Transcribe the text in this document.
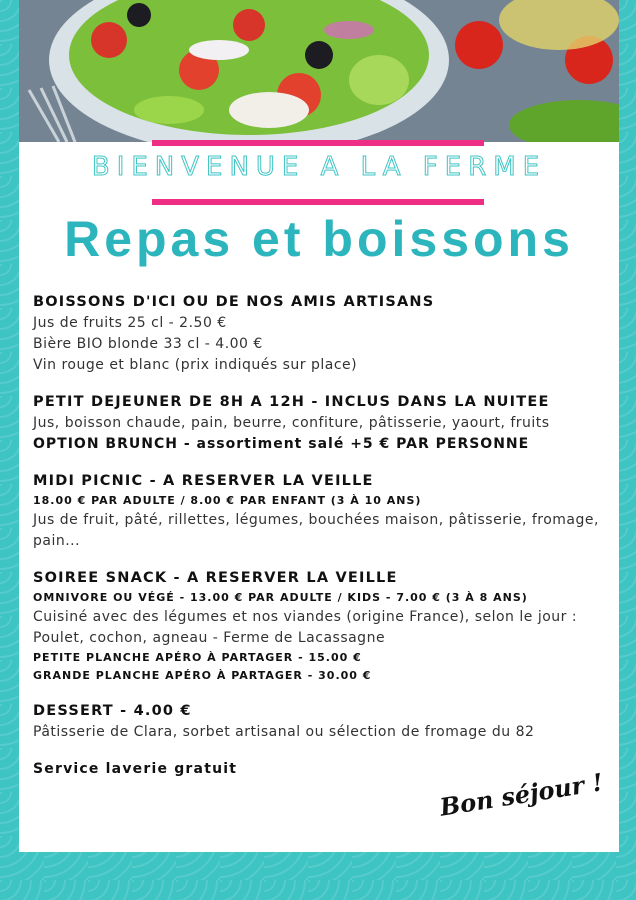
BIENVENUE A LA FERME
Repas et boissons
BOISSONS D'ICI OU DE NOS AMIS ARTISANS
Jus de fruits 25 cl - 2.50 €
Bière BIO blonde 33 cl - 4.00 €
Vin rouge et blanc (prix indiqués sur place)
PETIT DEJEUNER DE 8H A 12H - INCLUS DANS LA NUITEE
Jus, boisson chaude, pain, beurre, confiture, pâtisserie, yaourt, fruits
OPTION BRUNCH - assortiment salé +5 € PAR PERSONNE
MIDI PICNIC - A RESERVER LA VEILLE
18.00 € PAR ADULTE / 8.00 € PAR ENFANT (3 À 10 ANS)
Jus de fruit, pâté, rillettes, légumes, bouchées maison, pâtisserie, fromage, pain...
SOIREE SNACK - A RESERVER LA VEILLE
OMNIVORE OU VÉGÉ - 13.00 € PAR ADULTE / KIDS - 7.00 € (3 À 8 ANS)
Cuisiné avec des légumes et nos viandes (origine France), selon le jour :
Poulet, cochon, agneau - Ferme de Lacassagne
PETITE PLANCHE APÉRO À PARTAGER - 15.00 €
GRANDE PLANCHE APÉRO À PARTAGER - 30.00 €
DESSERT - 4.00 €
Pâtisserie de Clara, sorbet artisanal ou sélection de fromage du 82
Service laverie gratuit	Bon séjour !
